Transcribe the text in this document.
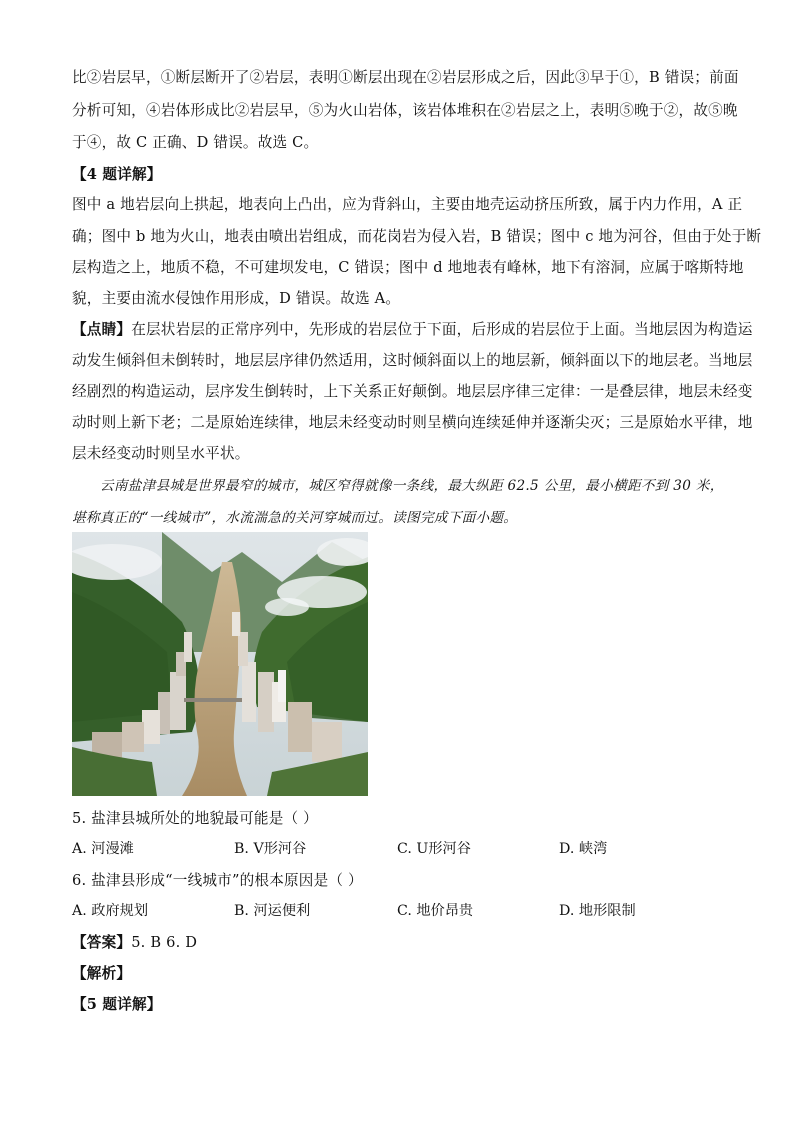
比②岩层早，①断层断开了②岩层，表明①断层出现在②岩层形成之后，因此③早于①，B 错误；前面
分析可知，④岩体形成比②岩层早，⑤为火山岩体，该岩体堆积在②岩层之上，表明⑤晚于②，故⑤晚
于④，故 C 正确、D 错误。故选 C。
【4 题详解】
图中 a 地岩层向上拱起，地表向上凸出，应为背斜山，主要由地壳运动挤压所致，属于内力作用，A 正
确；图中 b 地为火山，地表由喷出岩组成，而花岗岩为侵入岩，B 错误；图中 c 地为河谷，但由于处于断
层构造之上，地质不稳，不可建坝发电，C 错误；图中 d 地地表有峰林，地下有溶洞，应属于喀斯特地
貌，主要由流水侵蚀作用形成，D 错误。故选 A。
【点睛】在层状岩层的正常序列中，先形成的岩层位于下面，后形成的岩层位于上面。当地层因为构造运
动发生倾斜但未倒转时，地层层序律仍然适用，这时倾斜面以上的地层新，倾斜面以下的地层老。当地层
经剧烈的构造运动，层序发生倒转时，上下关系正好颠倒。地层层序律三定律：一是叠层律，地层未经变
动时则上新下老；二是原始连续律，地层未经变动时则呈横向连续延伸并逐渐尖灭；三是原始水平律，地
层未经变动时则呈水平状。
云南盐津县城是世界最窄的城市，城区窄得就像一条线，最大纵距 62.5 公里，最小横距不到 30 米，
堪称真正的“一线城市”，水流湍急的关河穿城而过。读图完成下面小题。
5. 盐津县城所处的地貌最可能是（ ）
A. 河漫滩	B. V形河谷	C. U形河谷	D. 峡湾
6. 盐津县形成“一线城市”的根本原因是（ ）
A. 政府规划	B. 河运便利	C. 地价昂贵	D. 地形限制
【答案】5. B 6. D
【解析】
【5 题详解】
